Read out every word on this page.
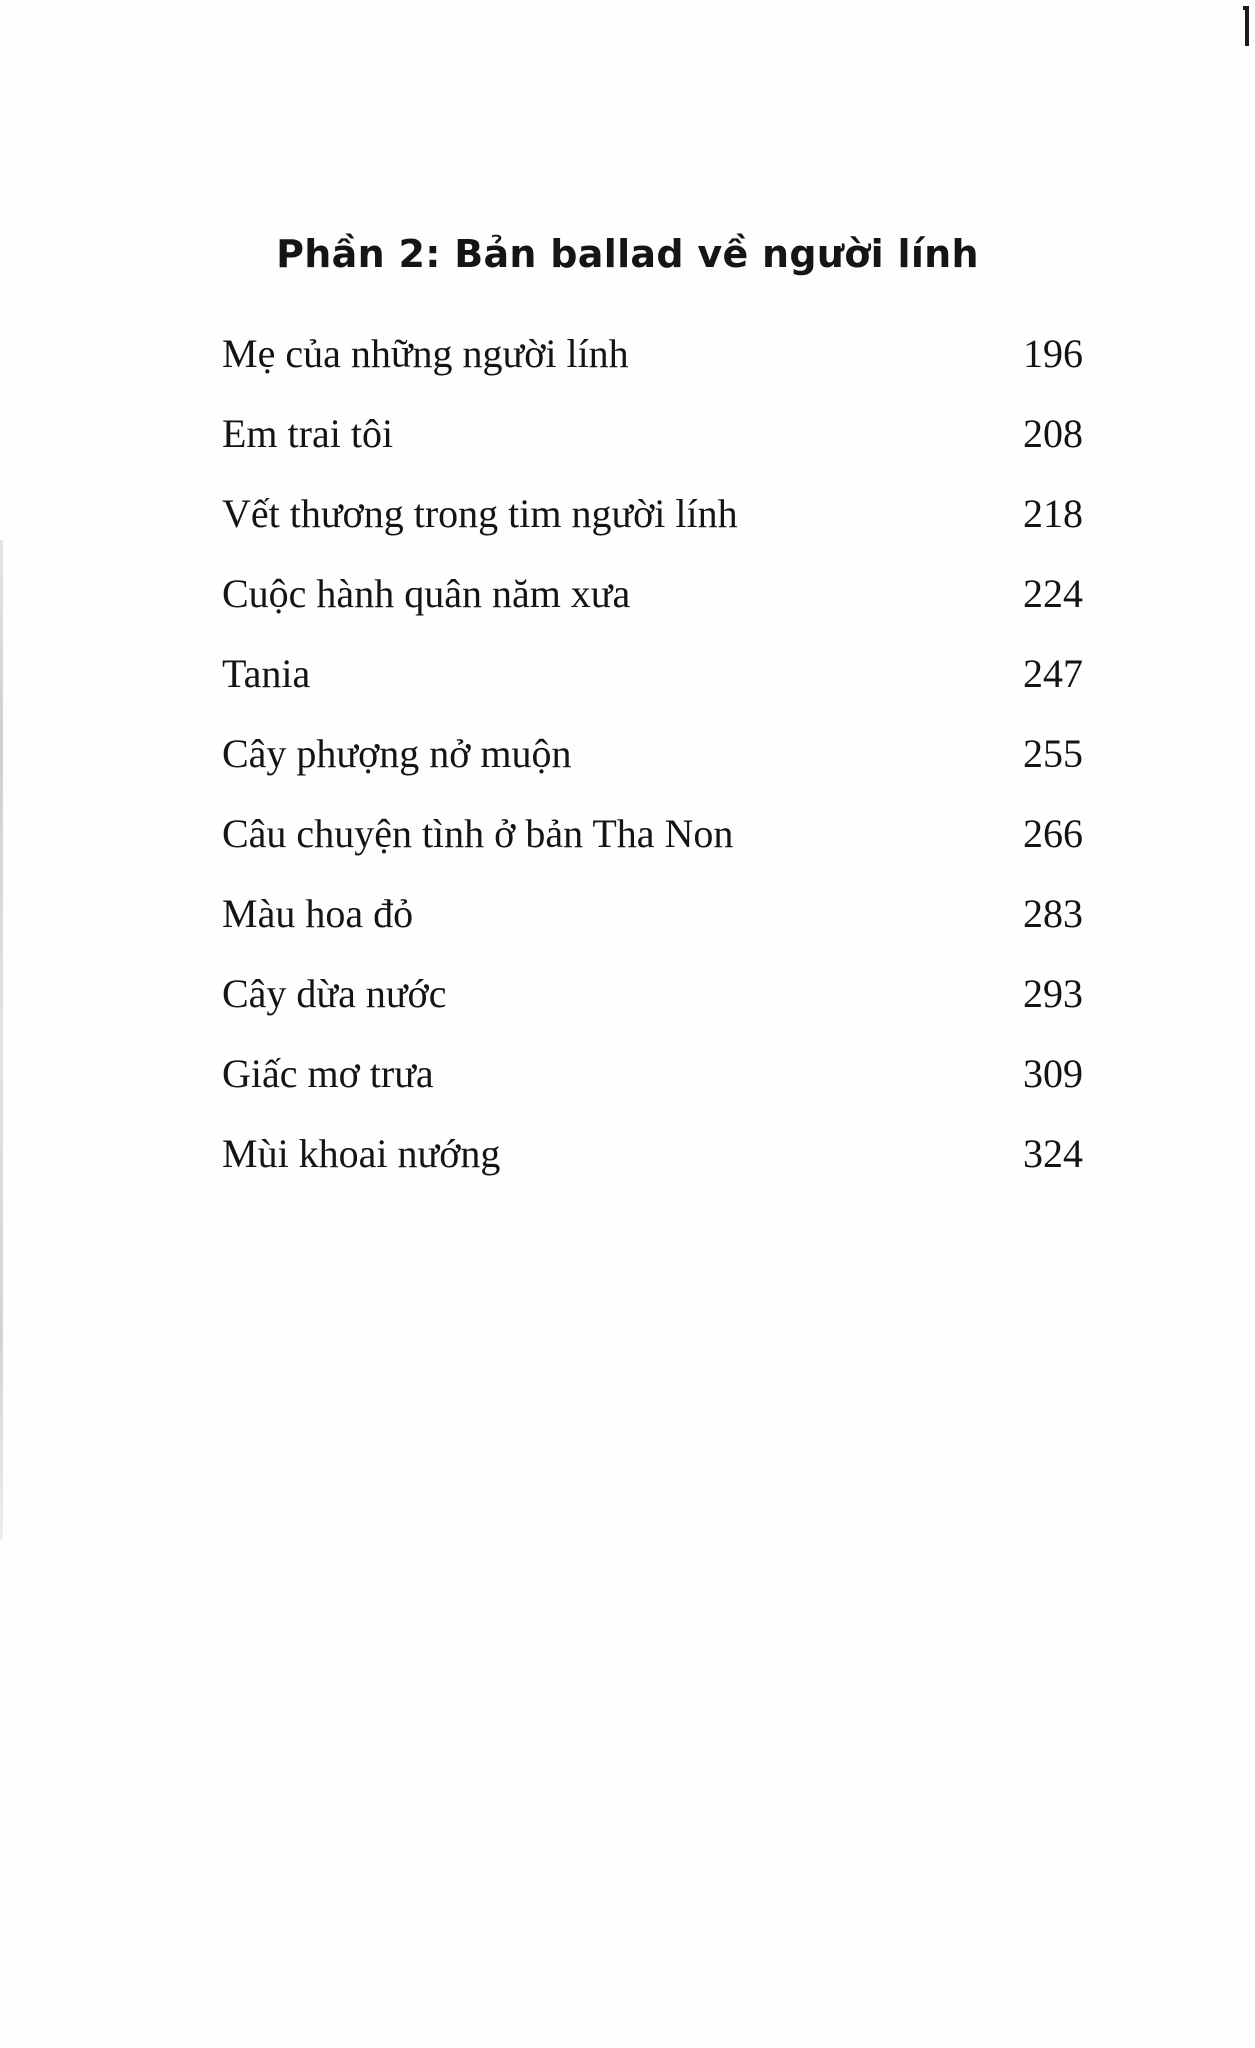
Phần 2: Bản ballad về người lính
Mẹ của những người lính	196
Em trai tôi	208
Vết thương trong tim người lính	218
Cuộc hành quân năm xưa	224
Tania	247
Cây phượng nở muộn	255
Câu chuyện tình ở bản Tha Non	266
Màu hoa đỏ	283
Cây dừa nước	293
Giấc mơ trưa	309
Mùi khoai nướng	324
